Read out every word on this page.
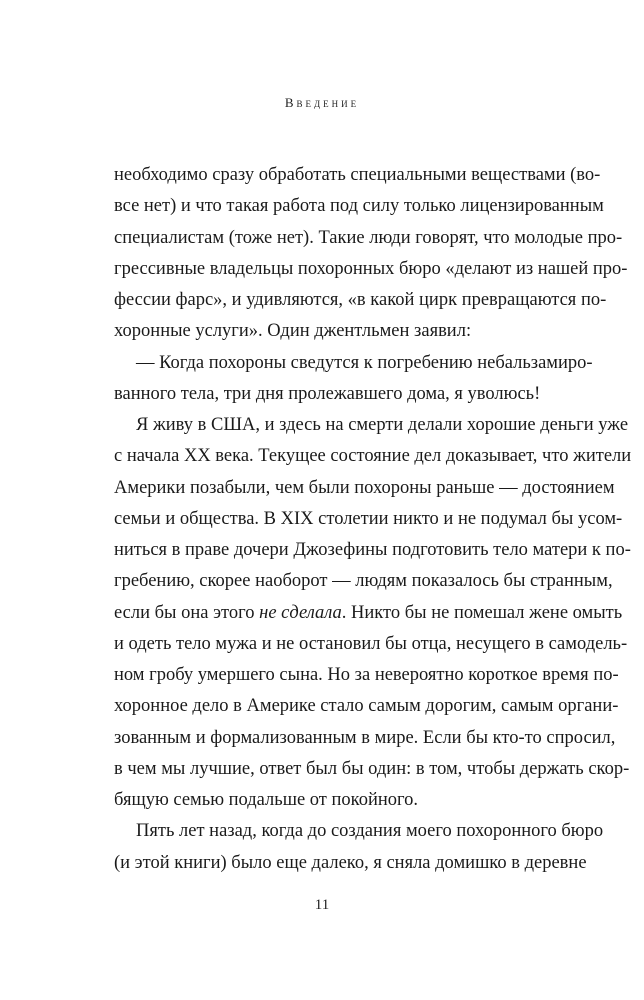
Введение
необходимо сразу обработать специальными веществами (во-
все нет) и что такая работа под силу только лицензированным
специалистам (тоже нет). Такие люди говорят, что молодые про-
грессивные владельцы похоронных бюро «делают из нашей про-
фессии фарс», и удивляются, «в какой цирк превращаются по-
хоронные услуги». Один джентльмен заявил:
— Когда похороны сведутся к погребению небальзамиро-
ванного тела, три дня пролежавшего дома, я уволюсь!
Я живу в США, и здесь на смерти делали хорошие деньги уже
с начала XX века. Текущее состояние дел доказывает, что жители
Америки позабыли, чем были похороны раньше — достоянием
семьи и общества. В XIX столетии никто и не подумал бы усом-
ниться в праве дочери Джозефины подготовить тело матери к по-
гребению, скорее наоборот — людям показалось бы странным,
если бы она этого не сделала. Никто бы не помешал жене омыть
и одеть тело мужа и не остановил бы отца, несущего в самодель-
ном гробу умершего сына. Но за невероятно короткое время по-
хоронное дело в Америке стало самым дорогим, самым органи-
зованным и формализованным в мире. Если бы кто-то спросил,
в чем мы лучшие, ответ был бы один: в том, чтобы держать скор-
бящую семью подальше от покойного.
Пять лет назад, когда до создания моего похоронного бюро
(и этой книги) было еще далеко, я сняла домишко в деревне
11
